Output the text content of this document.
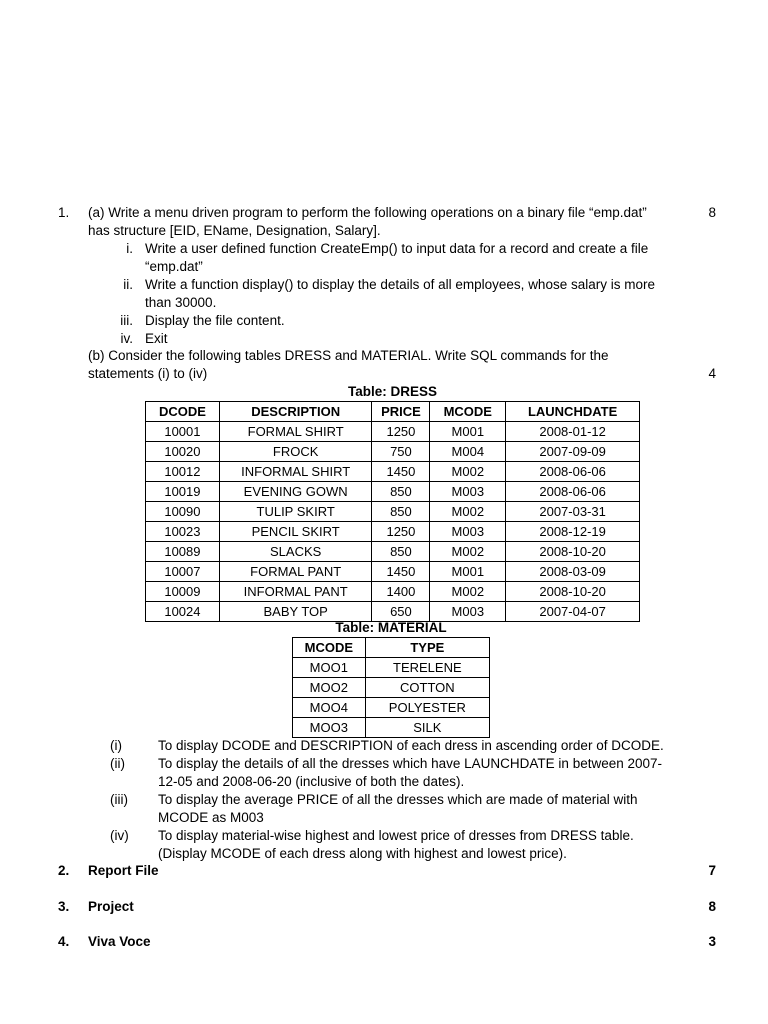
1.	8
(a) Write a menu driven program to perform the following operations on a binary file “emp.dat”
has structure [EID, EName, Designation, Salary].
i. Write a user defined function CreateEmp() to input data for a record and create a file
“emp.dat”
ii. Write a function display() to display the details of all employees, whose salary is more
than 30000.
iii. Display the file content.
iv. Exit
(b) Consider the following tables DRESS and MATERIAL. Write SQL commands for the
statements (i) to (iv)	4
Table: DRESS
DCODE	DESCRIPTION	PRICE	MCODE	LAUNCHDATE
10001	FORMAL SHIRT	1250	M001	2008-01-12
10020	FROCK	750	M004	2007-09-09
10012	INFORMAL SHIRT	1450	M002	2008-06-06
10019	EVENING GOWN	850	M003	2008-06-06
10090	TULIP SKIRT	850	M002	2007-03-31
10023	PENCIL SKIRT	1250	M003	2008-12-19
10089	SLACKS	850	M002	2008-10-20
10007	FORMAL PANT	1450	M001	2008-03-09
10009	INFORMAL PANT	1400	M002	2008-10-20
10024	BABY TOP	650	M003	2007-04-07
Table: MATERIAL
MCODE	TYPE
MOO1	TERELENE
MOO2	COTTON
MOO4	POLYESTER
MOO3	SILK
(i)	To display DCODE and DESCRIPTION of each dress in ascending order of DCODE.
(ii) To display the details of all the dresses which have LAUNCHDATE in between 2007-
12-05 and 2008-06-20 (inclusive of both the dates).
(iii) To display the average PRICE of all the dresses which are made of material with
MCODE as M003
(iv) To display material-wise highest and lowest price of dresses from DRESS table.
(Display MCODE of each dress along with highest and lowest price).
2. Report File	7
3. Project	8
4. Viva Voce	3
